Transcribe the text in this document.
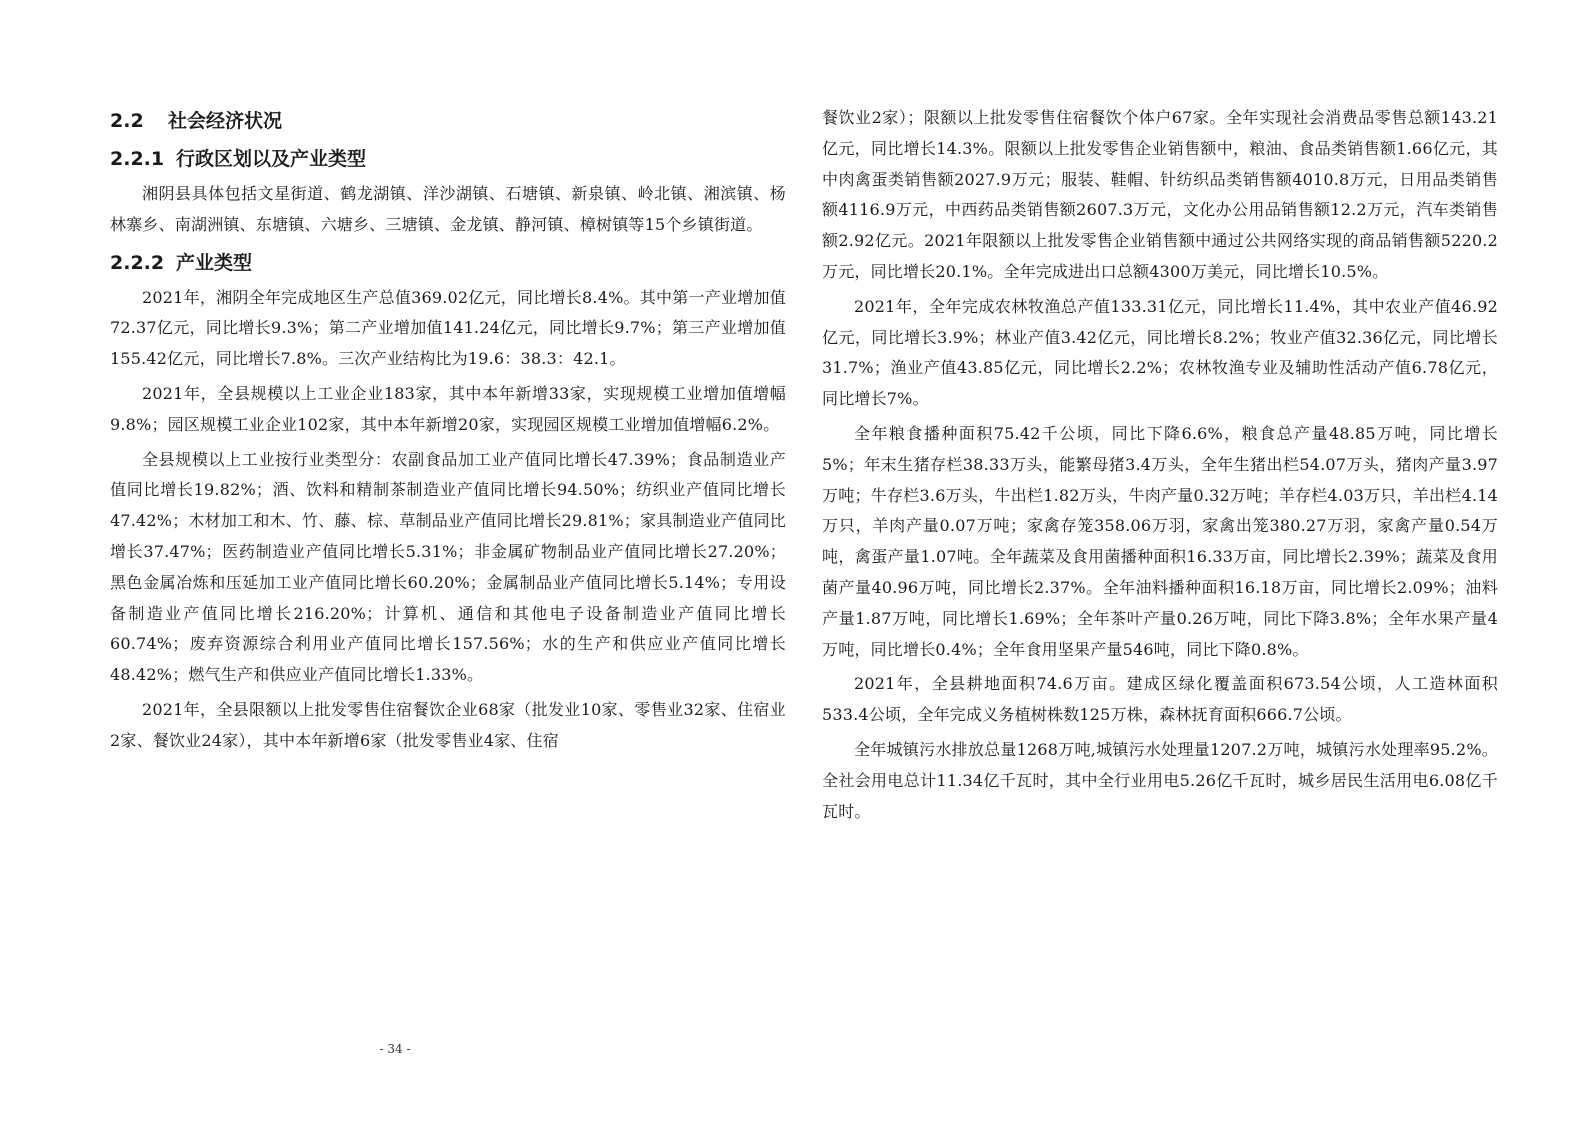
2.2 社会经济状况
2.2.1 行政区划以及产业类型

湘阴县具体包括文星街道、鹤龙湖镇、洋沙湖镇、石塘镇、新泉镇、岭北镇、湘滨镇、杨林寨乡、南湖洲镇、东塘镇、六塘乡、三塘镇、金龙镇、静河镇、樟树镇等15个乡镇街道。

2.2.2 产业类型

2021年，湘阴全年完成地区生产总值369.02亿元，同比增长8.4%。其中第一产业增加值72.37亿元，同比增长9.3%；第二产业增加值141.24亿元，同比增长9.7%；第三产业增加值155.42亿元，同比增长7.8%。三次产业结构比为19.6：38.3：42.1。

2021年，全县规模以上工业企业183家，其中本年新增33家，实现规模工业增加值增幅9.8%；园区规模工业企业102家，其中本年新增20家，实现园区规模工业增加值增幅6.2%。

全县规模以上工业按行业类型分：农副食品加工业产值同比增长47.39%；食品制造业产值同比增长19.82%；酒、饮料和精制茶制造业产值同比增长94.50%；纺织业产值同比增长47.42%；木材加工和木、竹、藤、棕、草制品业产值同比增长29.81%；家具制造业产值同比增长37.47%；医药制造业产值同比增长5.31%；非金属矿物制品业产值同比增长27.20%；黑色金属冶炼和压延加工业产值同比增长60.20%；金属制品业产值同比增长5.14%；专用设备制造业产值同比增长216.20%；计算机、通信和其他电子设备制造业产值同比增长60.74%；废弃资源综合利用业产值同比增长157.56%；水的生产和供应业产值同比增长48.42%；燃气生产和供应业产值同比增长1.33%。

2021年，全县限额以上批发零售住宿餐饮企业68家（批发业10家、零售业32家、住宿业2家、餐饮业24家），其中本年新增6家（批发零售业4家、住宿

餐饮业2家）；限额以上批发零售住宿餐饮个体户67家。全年实现社会消费品零售总额143.21亿元，同比增长14.3%。限额以上批发零售企业销售额中，粮油、食品类销售额1.66亿元，其中肉禽蛋类销售额2027.9万元；服装、鞋帽、针纺织品类销售额4010.8万元，日用品类销售额4116.9万元，中西药品类销售额2607.3万元，文化办公用品销售额12.2万元，汽车类销售额2.92亿元。2021年限额以上批发零售企业销售额中通过公共网络实现的商品销售额5220.2万元，同比增长20.1%。全年完成进出口总额4300万美元，同比增长10.5%。

2021年，全年完成农林牧渔总产值133.31亿元，同比增长11.4%，其中农业产值46.92亿元，同比增长3.9%；林业产值3.42亿元，同比增长8.2%；牧业产值32.36亿元，同比增长31.7%；渔业产值43.85亿元，同比增长2.2%；农林牧渔专业及辅助性活动产值6.78亿元，同比增长7%。

全年粮食播种面积75.42千公顷，同比下降6.6%，粮食总产量48.85万吨，同比增长5%；年末生猪存栏38.33万头，能繁母猪3.4万头，全年生猪出栏54.07万头，猪肉产量3.97万吨；牛存栏3.6万头，牛出栏1.82万头，牛肉产量0.32万吨；羊存栏4.03万只，羊出栏4.14万只，羊肉产量0.07万吨；家禽存笼358.06万羽，家禽出笼380.27万羽，家禽产量0.54万吨，禽蛋产量1.07吨。全年蔬菜及食用菌播种面积16.33万亩，同比增长2.39%；蔬菜及食用菌产量40.96万吨，同比增长2.37%。全年油料播种面积16.18万亩，同比增长2.09%；油料产量1.87万吨，同比增长1.69%；全年茶叶产量0.26万吨，同比下降3.8%；全年水果产量4万吨，同比增长0.4%；全年食用坚果产量546吨，同比下降0.8%。

2021年，全县耕地面积74.6万亩。建成区绿化覆盖面积673.54公顷，人工造林面积533.4公顷，全年完成义务植树株数125万株，森林抚育面积666.7公顷。

全年城镇污水排放总量1268万吨,城镇污水处理量1207.2万吨，城镇污水处理率95.2%。全社会用电总计11.34亿千瓦时，其中全行业用电5.26亿千瓦时，城乡居民生活用电6.08亿千瓦时。

- 34 -
